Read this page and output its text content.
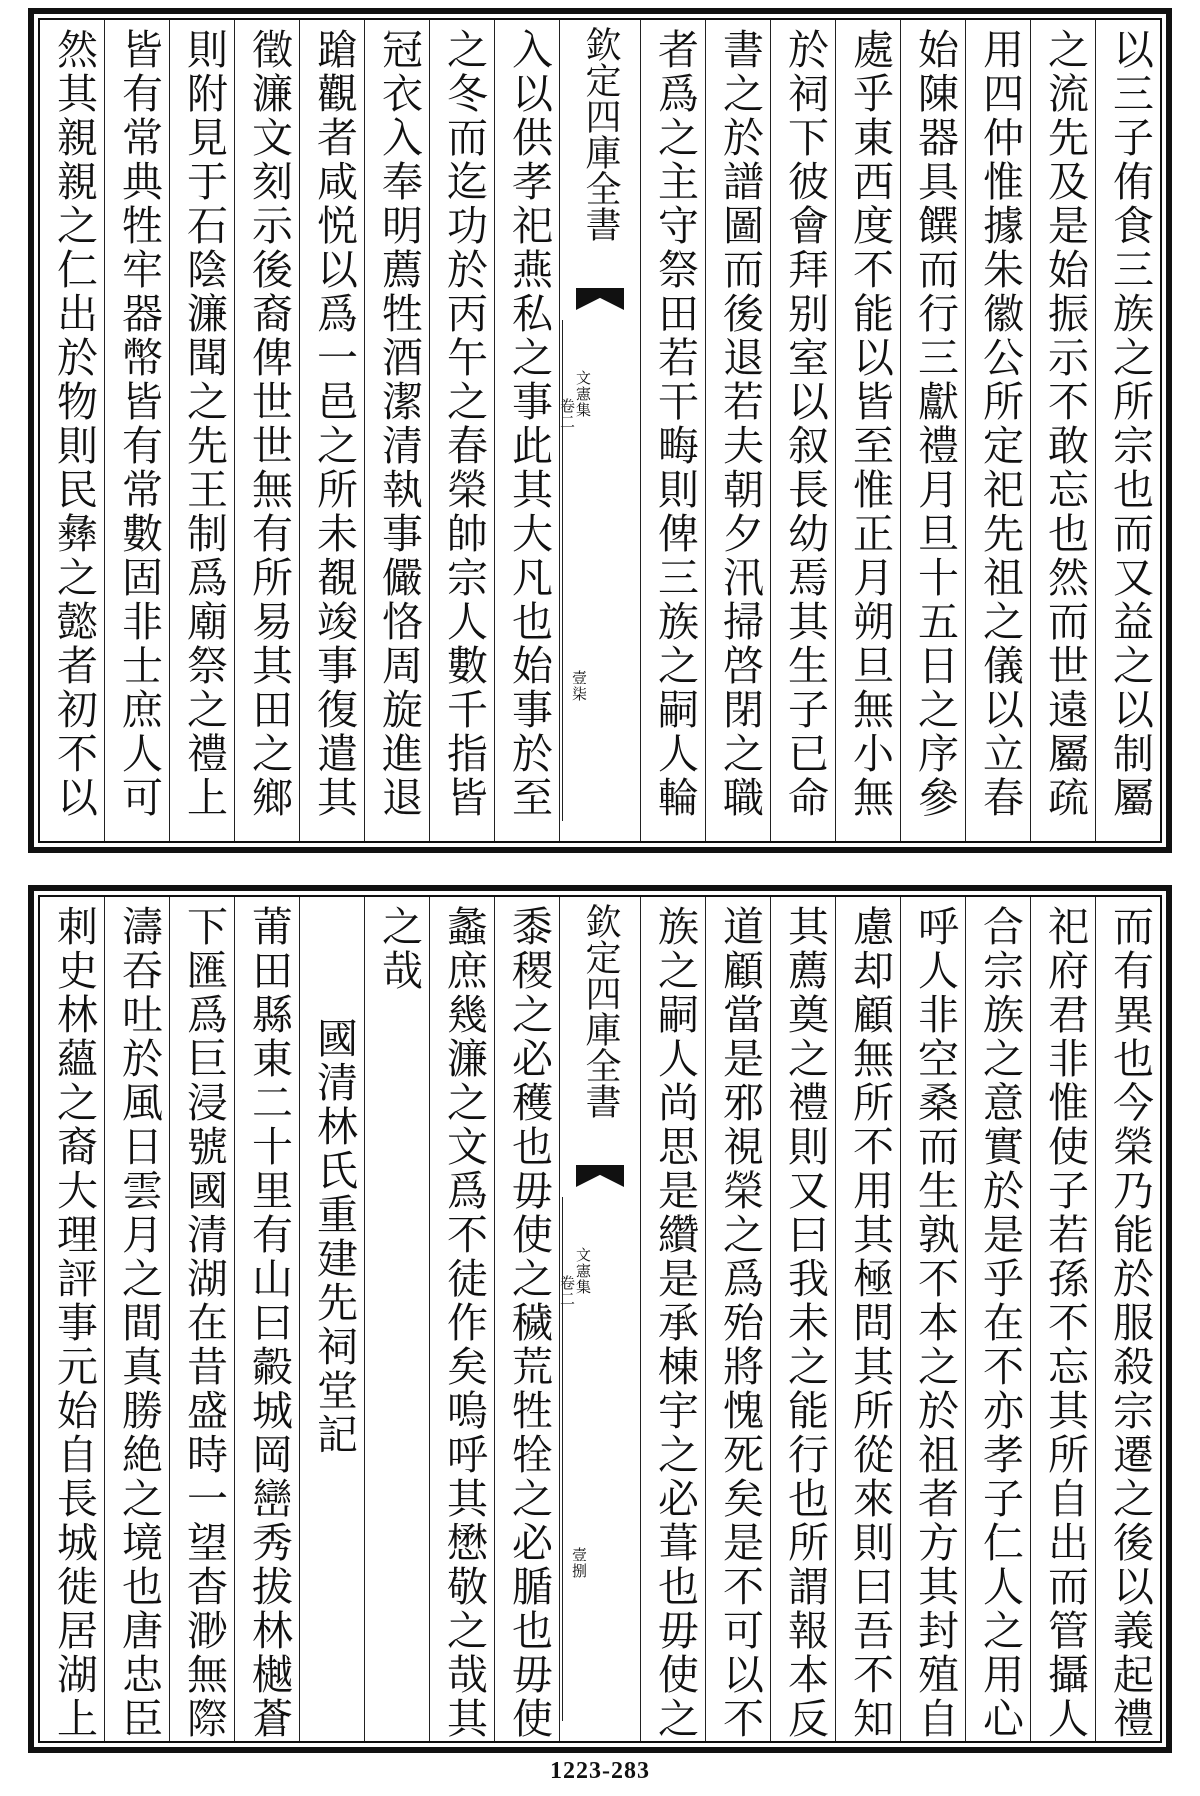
以三子侑食三族之所宗也而又益之以制屬
之流先及是始振示不敢忘也然而世遠屬疏
用四仲惟據朱徽公所定祀先祖之儀以立春
始陳器具饌而行三獻禮月旦十五日之序參
處乎東西度不能以皆至惟正月朔旦無小無
於祠下彼會拜别室以叙長幼焉其生子已命
書之於譜圖而後退若夫朝夕汛掃啓閉之職
者爲之主守祭田若干畮則俾三族之嗣人輪
欽定四庫全書
文憲集
卷二
壹柒
入以供孝祀燕私之事此其大凡也始事於至
之冬而迄功於丙午之春榮帥宗人數千指皆
冠衣入奉明薦牲酒潔清執事儼恪周旋進退
蹌觀者咸悦以爲一邑之所未覩竣事復遣其
徵濂文刻示後裔俾世世無有所易其田之鄉
則附見于石陰濂聞之先王制爲廟祭之禮上
皆有常典牲牢器幣皆有常數固非士庶人可
然其親親之仁出於物則民彝之懿者初不以
而有異也今榮乃能於服殺宗遷之後以義起禮
祀府君非惟使子若孫不忘其所自出而管攝人
合宗族之意實於是乎在不亦孝子仁人之用心
呼人非空桑而生孰不本之於祖者方其封殖自
慮却顧無所不用其極問其所從來則曰吾不知
其薦奠之禮則又曰我未之能行也所謂報本反
道顧當是邪視榮之爲殆將愧死矣是不可以不
族之嗣人尚思是纘是承棟宇之必葺也毋使之
欽定四庫全書
文憲集
卷二
壹捌
黍稷之必穫也毋使之穢荒牲牷之必腯也毋使
蠡庶幾濂之文爲不徒作矣嗚呼其懋敬之哉其
之哉
國清林氏重建先祠堂記
莆田縣東二十里有山曰㲉城岡巒秀拔林樾蒼
下匯爲巨浸號國清湖在昔盛時一望杳渺無際
濤吞吐於風日雲月之間真勝絶之境也唐忠臣
刺史林蘊之裔大理評事元始自長城徙居湖上
1223-283
